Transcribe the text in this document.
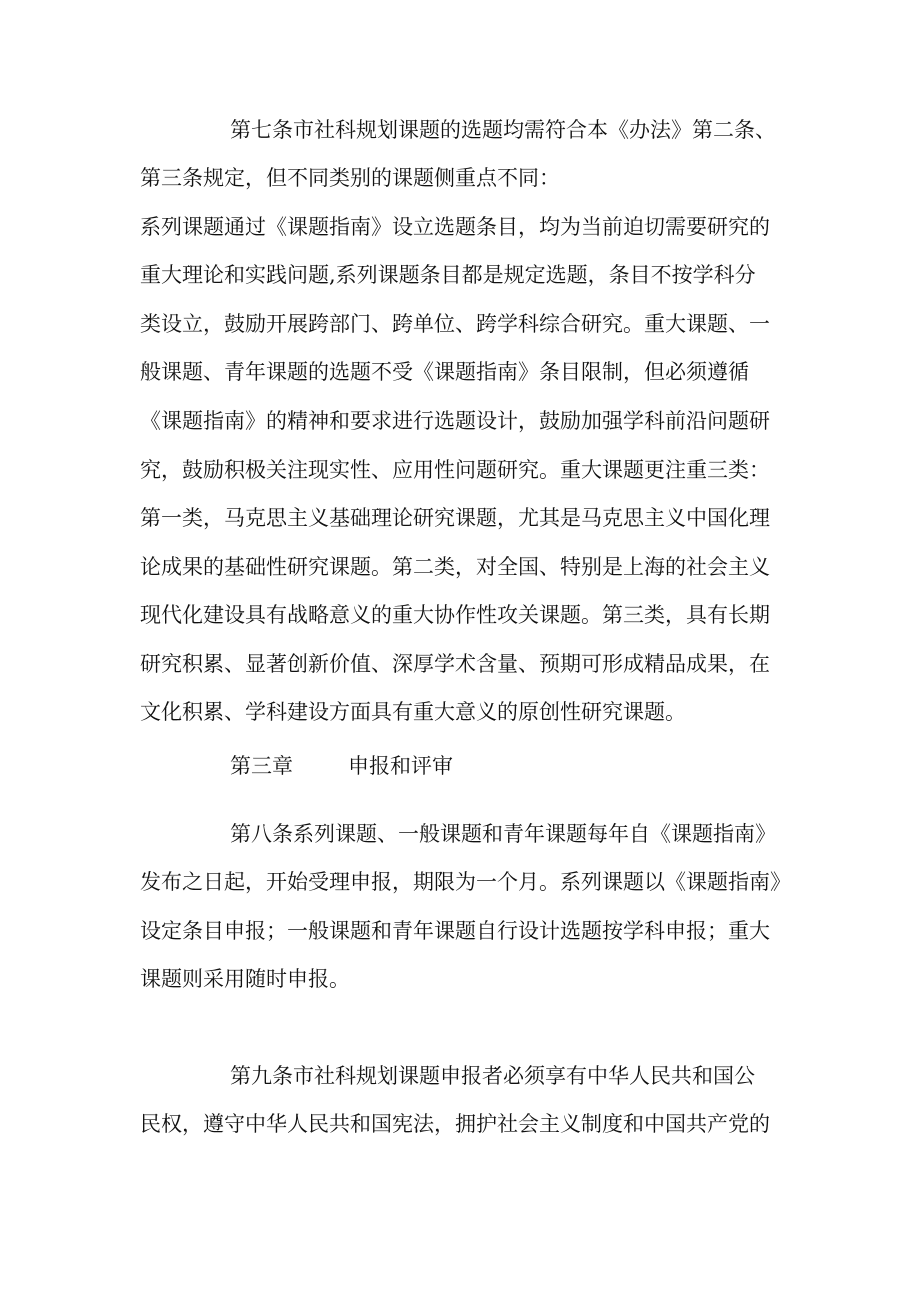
第七条市社科规划课题的选题均需符合本《办法》第二条、
第三条规定，但不同类别的课题侧重点不同：
系列课题通过《课题指南》设立选题条目，均为当前迫切需要研究的
重大理论和实践问题,系列课题条目都是规定选题，条目不按学科分
类设立，鼓励开展跨部门、跨单位、跨学科综合研究。重大课题、一
般课题、青年课题的选题不受《课题指南》条目限制，但必须遵循
《课题指南》的精神和要求进行选题设计，鼓励加强学科前沿问题研
究，鼓励积极关注现实性、应用性问题研究。重大课题更注重三类：
第一类，马克思主义基础理论研究课题，尤其是马克思主义中国化理
论成果的基础性研究课题。第二类，对全国、特别是上海的社会主义
现代化建设具有战略意义的重大协作性攻关课题。第三类，具有长期
研究积累、显著创新价值、深厚学术含量、预期可形成精品成果，在
文化积累、学科建设方面具有重大意义的原创性研究课题。
第三章	申报和评审
第八条系列课题、一般课题和青年课题每年自《课题指南》
发布之日起，开始受理申报，期限为一个月。系列课题以《课题指南》
设定条目申报；一般课题和青年课题自行设计选题按学科申报；重大
课题则采用随时申报。
第九条市社科规划课题申报者必须享有中华人民共和国公
民权，遵守中华人民共和国宪法，拥护社会主义制度和中国共产党的
